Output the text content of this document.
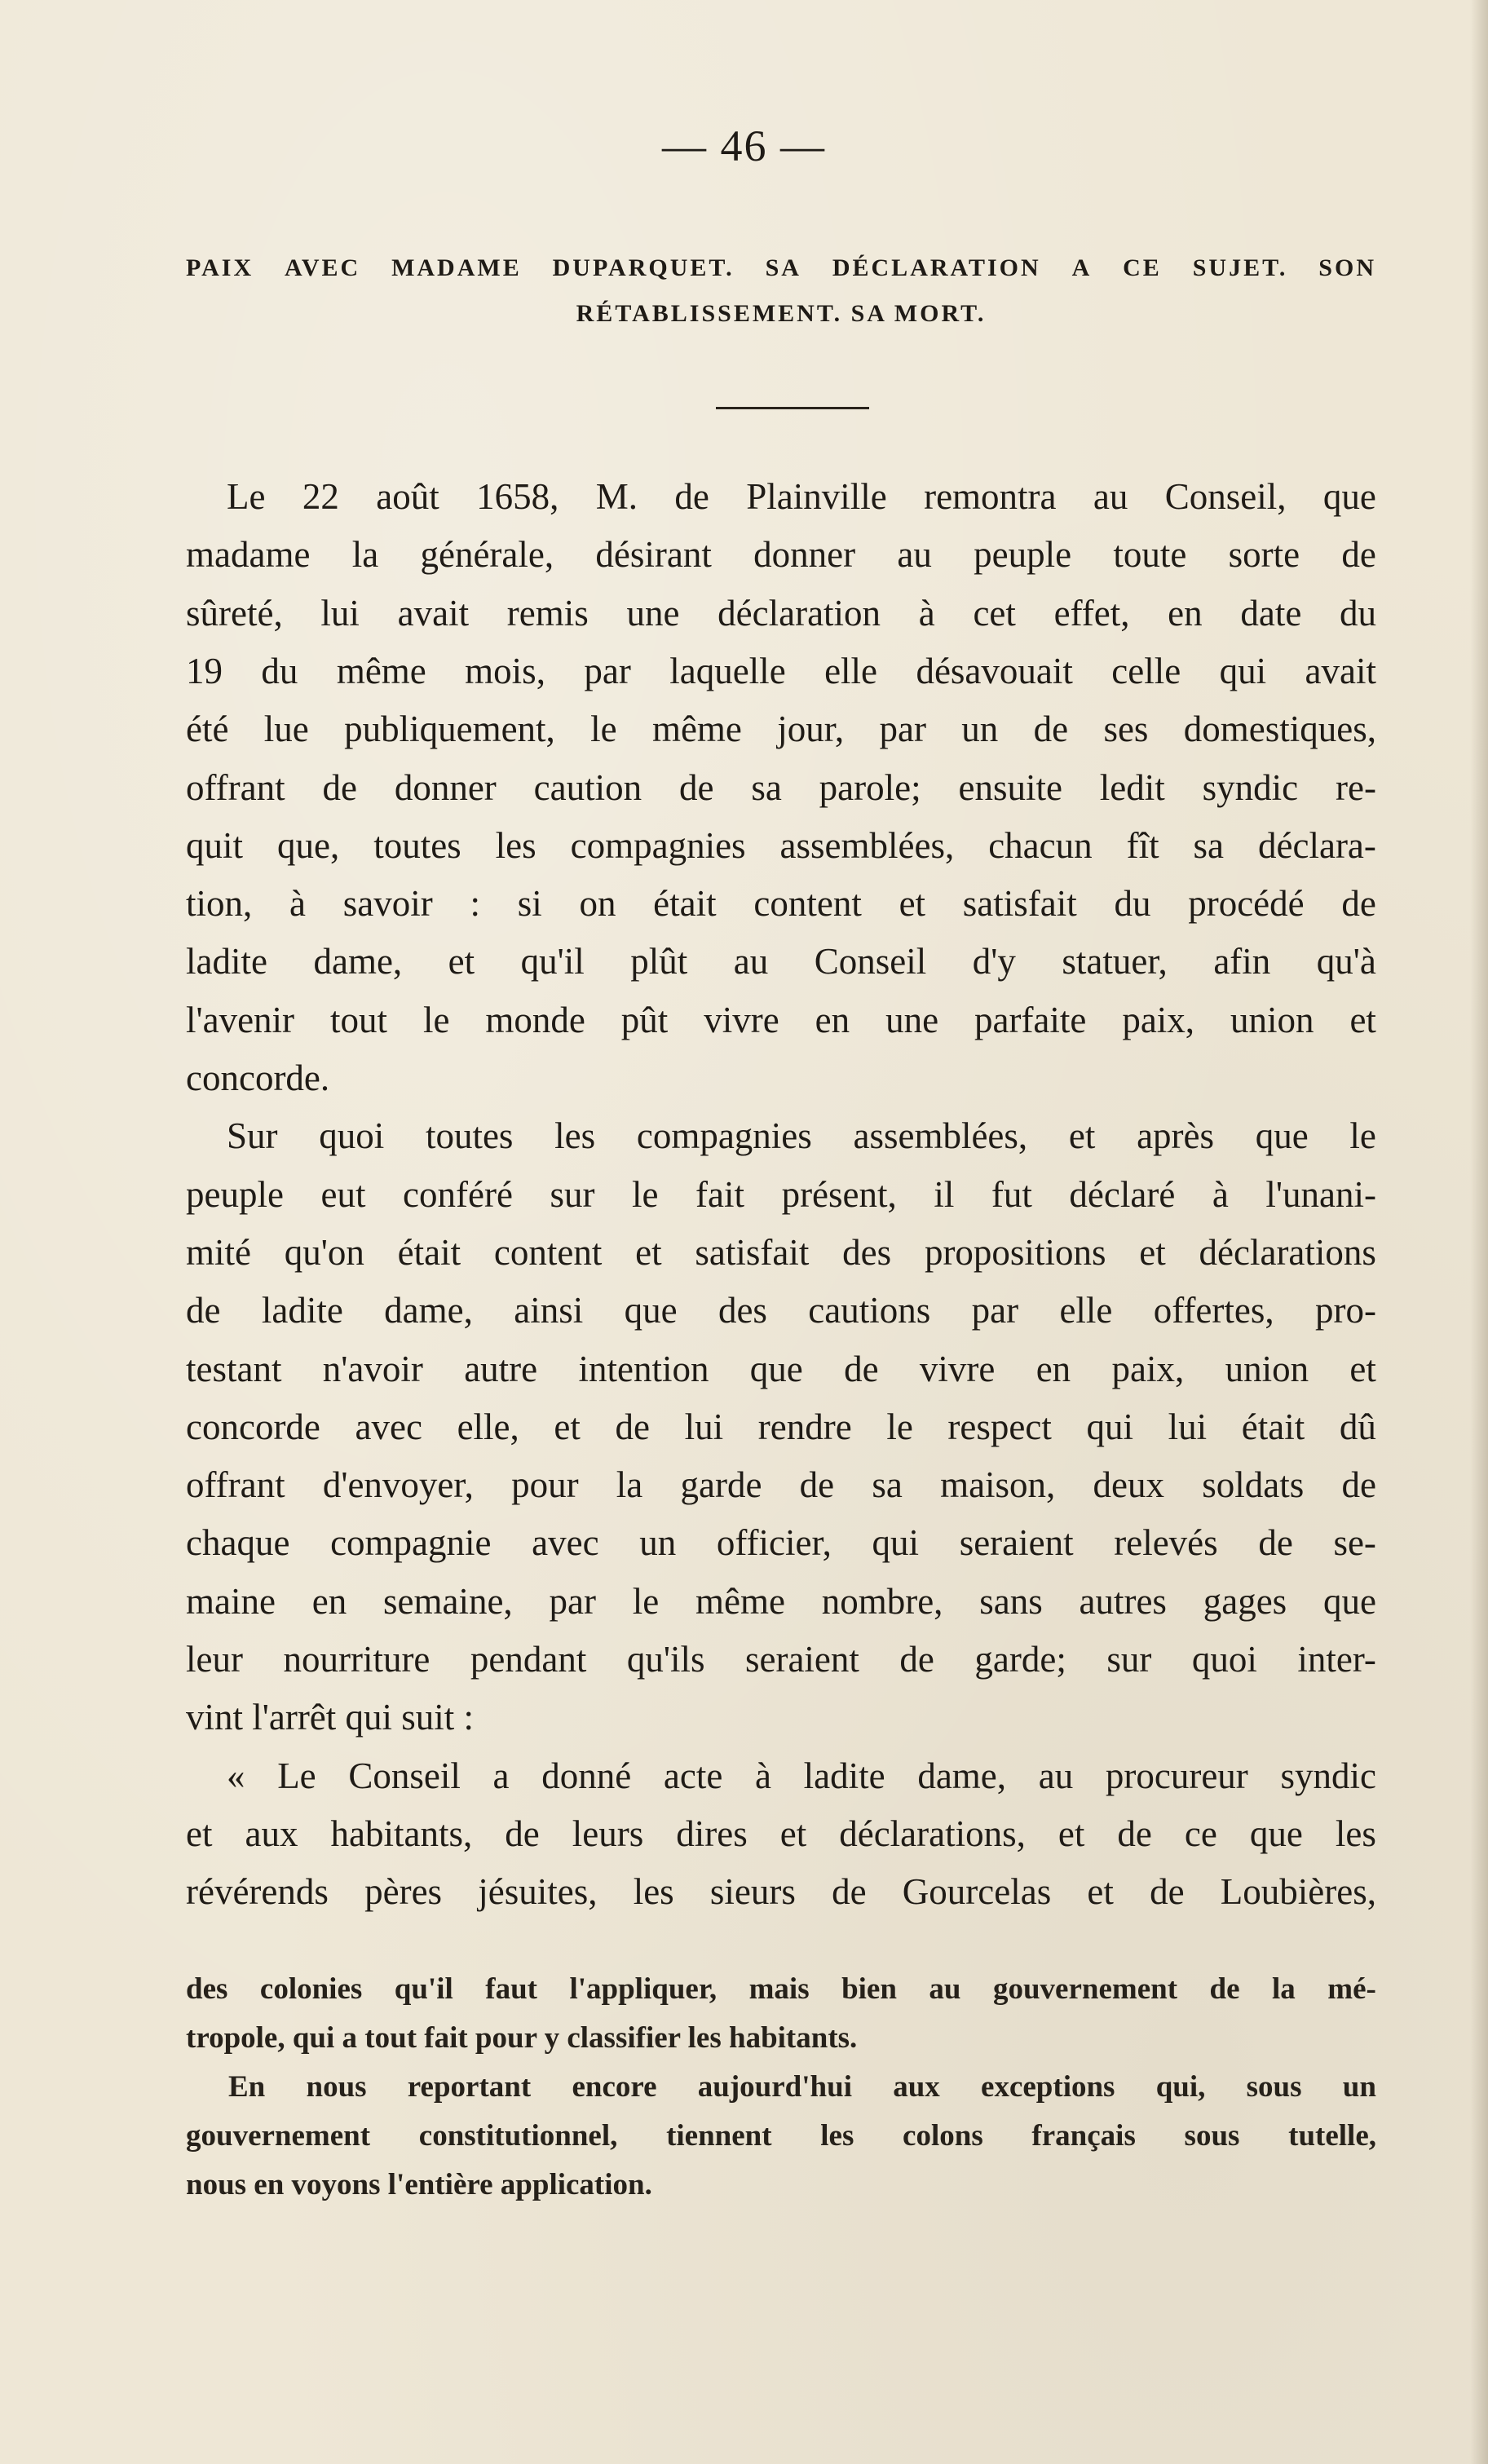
— 46 —
PAIX AVEC MADAME DUPARQUET. SA DÉCLARATION A CE SUJET. SON
RÉTABLISSEMENT. SA MORT.
Le 22 août 1658, M. de Plainville remontra au Conseil, que
madame la générale, désirant donner au peuple toute sorte de
sûreté, lui avait remis une déclaration à cet effet, en date du
19 du même mois, par laquelle elle désavouait celle qui avait
été lue publiquement, le même jour, par un de ses domestiques,
offrant de donner caution de sa parole; ensuite ledit syndic re-
quit que, toutes les compagnies assemblées, chacun fît sa déclara-
tion, à savoir : si on était content et satisfait du procédé de
ladite dame, et qu'il plût au Conseil d'y statuer, afin qu'à
l'avenir tout le monde pût vivre en une parfaite paix, union et
concorde.
Sur quoi toutes les compagnies assemblées, et après que le
peuple eut conféré sur le fait présent, il fut déclaré à l'unani-
mité qu'on était content et satisfait des propositions et déclarations
de ladite dame, ainsi que des cautions par elle offertes, pro-
testant n'avoir autre intention que de vivre en paix, union et
concorde avec elle, et de lui rendre le respect qui lui était dû
offrant d'envoyer, pour la garde de sa maison, deux soldats de
chaque compagnie avec un officier, qui seraient relevés de se-
maine en semaine, par le même nombre, sans autres gages que
leur nourriture pendant qu'ils seraient de garde; sur quoi inter-
vint l'arrêt qui suit :
« Le Conseil a donné acte à ladite dame, au procureur syndic
et aux habitants, de leurs dires et déclarations, et de ce que les
révérends pères jésuites, les sieurs de Gourcelas et de Loubières,
des colonies qu'il faut l'appliquer, mais bien au gouvernement de la mé-
tropole, qui a tout fait pour y classifier les habitants.
En nous reportant encore aujourd'hui aux exceptions qui, sous un
gouvernement constitutionnel, tiennent les colons français sous tutelle,
nous en voyons l'entière application.
